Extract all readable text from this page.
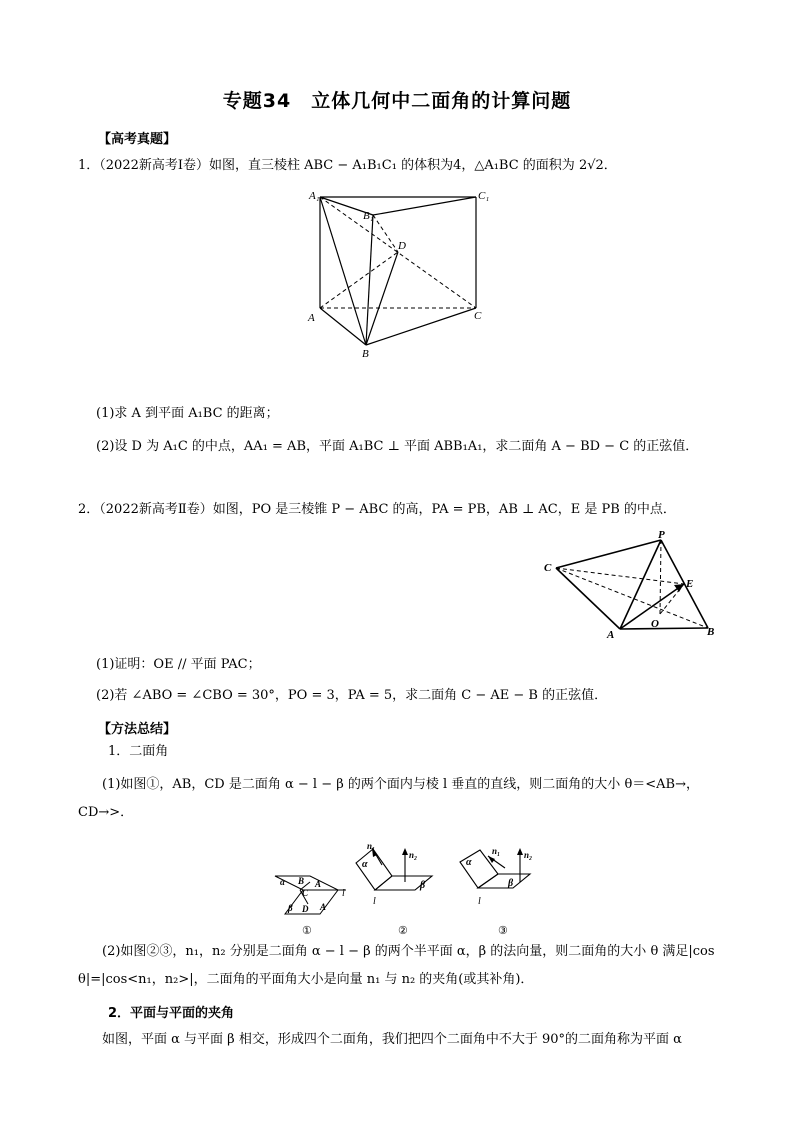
专题34　立体几何中二面角的计算问题
【高考真题】
1．（2022新高考Ⅰ卷）如图，直三棱柱 ABC − A₁B₁C₁ 的体积为4，△A₁BC 的面积为 2√2．
A₁	C₁
B₁
D
A	C
B
(1)求 A 到平面 A₁BC 的距离；
(2)设 D 为 A₁C 的中点，AA₁ = AB，平面 A₁BC ⊥ 平面 ABB₁A₁，求二面角 A − BD − C 的正弦值．
2．（2022新高考Ⅱ卷）如图，PO 是三棱锥 P − ABC 的高，PA = PB，AB ⊥ AC，E 是 PB 的中点．
C
P
E
A
O
B
(1)证明：OE // 平面 PAC；
(2)若 ∠ABO = ∠CBO = 30°，PO = 3，PA = 5，求二面角 C − AE − B 的正弦值．
【方法总结】
1．二面角
(1)如图①，AB，CD 是二面角 α − l − β 的两个面内与棱 l 垂直的直线，则二面角的大小 θ＝<AB→，CD→>．
α B A
C
β D A
l
①
α
n₁
n₂
β
l
②
α
n₁	n₂
β
l
③
(2)如图②③，n₁，n₂ 分别是二面角 α − l − β 的两个半平面 α，β 的法向量，则二面角的大小 θ 满足|cos θ|=|cos<n₁，n₂>|，二面角的平面角大小是向量 n₁ 与 n₂ 的夹角(或其补角)．
2．平面与平面的夹角
如图，平面 α 与平面 β 相交，形成四个二面角，我们把四个二面角中不大于 90°的二面角称为平面 α
